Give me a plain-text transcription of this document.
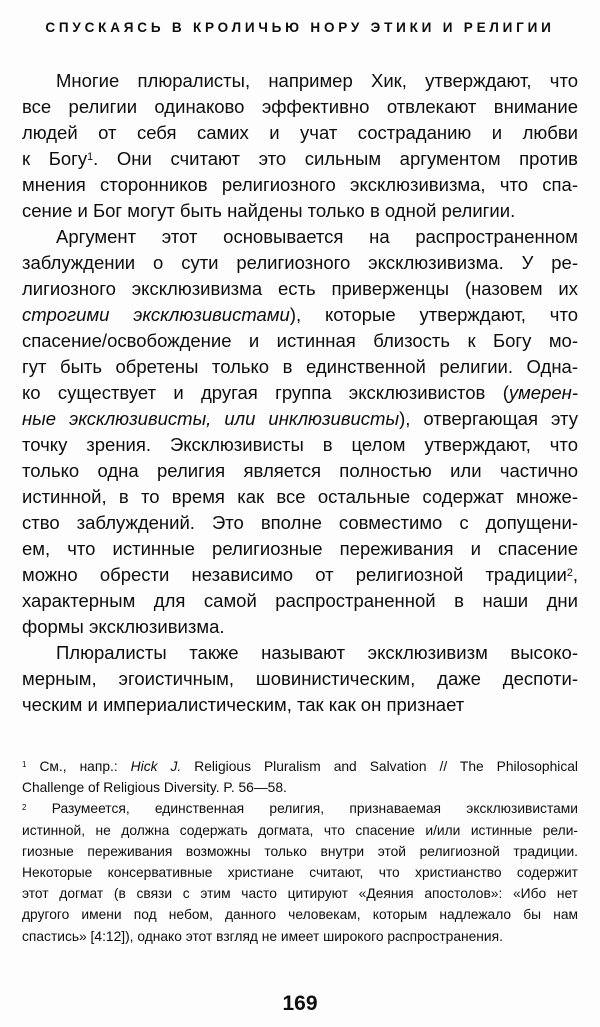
СПУСКАЯСЬ В КРОЛИЧЬЮ НОРУ ЭТИКИ И РЕЛИГИИ
Многие плюралисты, например Хик, утверждают, что
все религии одинаково эффективно отвлекают внимание
людей от себя самих и учат состраданию и любви
к Богу$^1$. Они считают это сильным аргументом против
мнения сторонников религиозного эксклюзивизма, что спа-
сение и Бог могут быть найдены только в одной религии.
Аргумент этот основывается на распространенном
заблуждении о сути религиозного эксклюзивизма. У ре-
лигиозного эксклюзивизма есть приверженцы (назовем их
строгими эксклюзивистами), которые утверждают, что
спасение/освобождение и истинная близость к Богу мо-
гут быть обретены только в единственной религии. Одна-
ко существует и другая группа эксклюзивистов (умерен-
ные эксклюзивисты, или инклюзивисты), отвергающая эту
точку зрения. Эксклюзивисты в целом утверждают, что
только одна религия является полностью или частично
истинной, в то время как все остальные содержат множе-
ство заблуждений. Это вполне совместимо с допущени-
ем, что истинные религиозные переживания и спасение
можно обрести независимо от религиозной традиции$^2$,
характерным для самой распространенной в наши дни
формы эксклюзивизма.
Плюралисты также называют эксклюзивизм высоко-
мерным, эгоистичным, шовинистическим, даже деспоти-
ческим и империалистическим, так как он признает
$^1$ См., напр.: Hick J. Religious Pluralism and Salvation // The Philosophical
Challenge of Religious Diversity. P. 56—58.
$^2$ Разумеется, единственная религия, признаваемая эксклюзивистами
истинной, не должна содержать догмата, что спасение и/или истинные рели-
гиозные переживания возможны только внутри этой религиозной традиции.
Некоторые консервативные христиане считают, что христианство содержит
этот догмат (в связи с этим часто цитируют «Деяния апостолов»: «Ибо нет
другого имени под небом, данного человекам, которым надлежало бы нам
спастись» [4:12]), однако этот взгляд не имеет широкого распространения.
169
